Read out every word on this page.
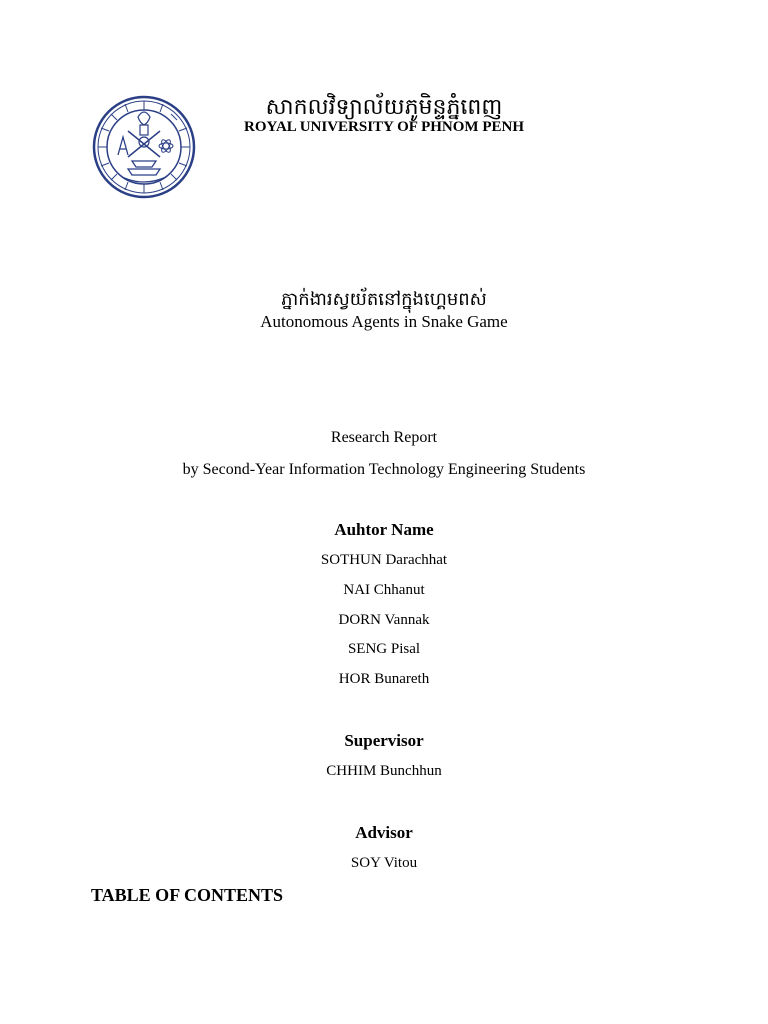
សាកលវិទ្យាល័យភូមិន្ទភ្នំពេញ
ROYAL UNIVERSITY OF PHNOM PENH
ភ្នាក់ងារស្វយ័តនៅក្នុងហ្គេមពស់
Autonomous Agents in Snake Game
Research Report
by Second-Year Information Technology Engineering Students
Auhtor Name
SOTHUN Darachhat
NAI Chhanut
DORN Vannak
SENG Pisal
HOR Bunareth
Supervisor
CHHIM Bunchhun
Advisor
SOY Vitou
TABLE OF CONTENTS
